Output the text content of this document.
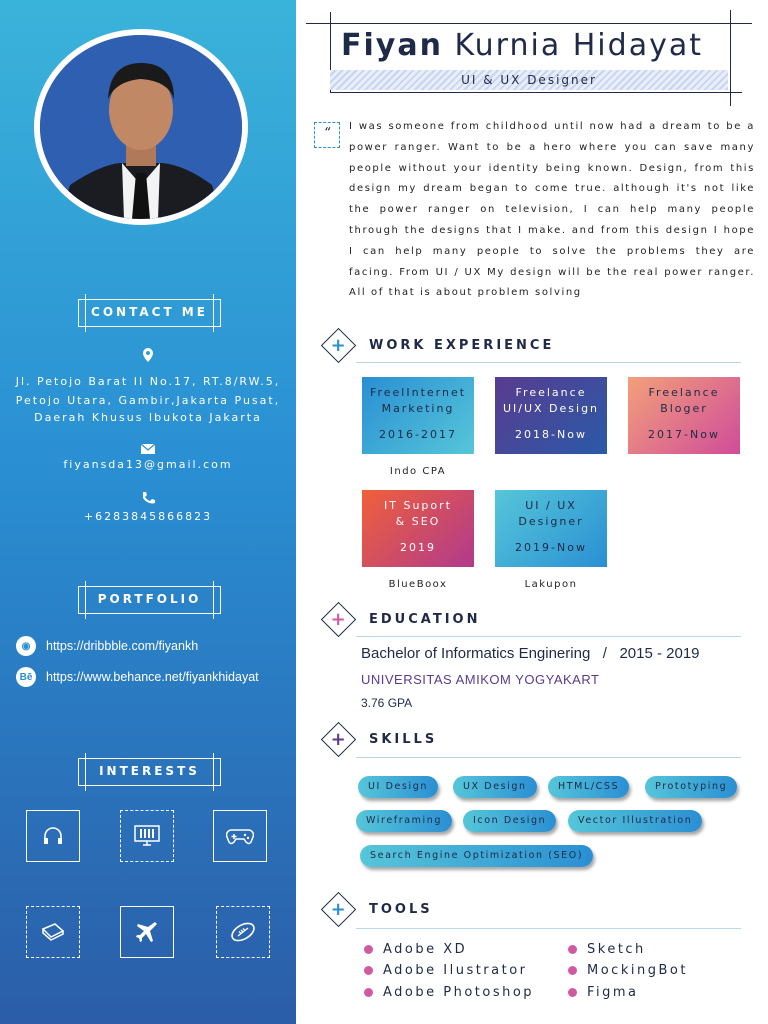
CONTACT ME
Jl. Petojo Barat II No.17, RT.8/RW.5,
Petojo Utara, Gambir,Jakarta Pusat,
Daerah Khusus Ibukota Jakarta
fiyansda13@gmail.com
+6283845866823
PORTFOLIO
◉	https://dribbble.com/fiyankh
Bē https://www.behance.net/fiyankhidayat
INTERESTS
Fiyan Kurnia Hidayat
UI & UX Designer
“	I was someone from childhood until now had a dream to be a power ranger. Want to be a hero where you can save many people without your identity being known. Design, from this design my dream began to come true. although it's not like the power ranger on television, I can help many people through the designs that I make. and from this design I hope I can help many people to solve the problems they are facing. From UI / UX My design will be the real power ranger. All of that is about problem solving
+ WORK EXPERIENCE
FreelInternet
Marketing
2016-2017
Indo CPA
Freelance
UI/UX Design
2018-Now
Freelance
Bloger
2017-Now
IT Suport
& SEO
2019
BlueBoox
UI / UX
Designer
2019-Now
Lakupon
+ EDUCATION
Bachelor of Informatics Enginering   /   2015 - 2019
UNIVERSITAS AMIKOM YOGYAKART
3.76 GPA
+ SKILLS
UI Design	UX Design	HTML/CSS	Prototyping
Wireframing	Icon Design	Vector Illustration
Search Engine Optimization (SEO)
+ TOOLS
Adobe XD
Adobe Ilustrator
Adobe Photoshop
Sketch
MockingBot
Figma
